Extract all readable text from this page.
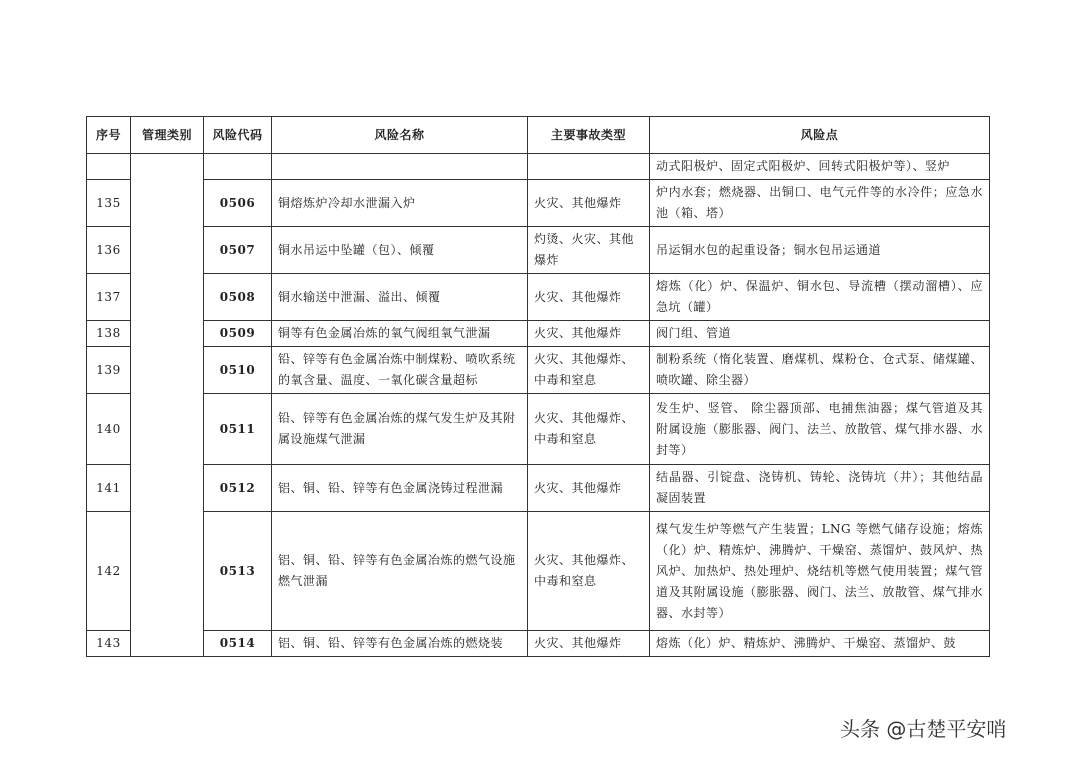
序号	管理类别	风险代码	风险名称	主要事故类型	风险点
					动式阳极炉、固定式阳极炉、回转式阳极炉等）、竖炉
135		0506	铜熔炼炉冷却水泄漏入炉	火灾、其他爆炸	炉内水套；燃烧器、出铜口、电气元件等的水冷件；应急水池（箱、塔）
136		0507	铜水吊运中坠罐（包）、倾覆	灼烫、火灾、其他爆炸	吊运铜水包的起重设备；铜水包吊运通道
137		0508	铜水输送中泄漏、溢出、倾覆	火灾、其他爆炸	熔炼（化）炉、保温炉、铜水包、导流槽（摆动溜槽）、应急坑（罐）
138		0509	铜等有色金属冶炼的氧气阀组氧气泄漏	火灾、其他爆炸	阀门组、管道
139		0510	铅、锌等有色金属冶炼中制煤粉、喷吹系统的氧含量、温度、一氧化碳含量超标	火灾、其他爆炸、中毒和窒息	制粉系统（惰化装置、磨煤机、煤粉仓、仓式泵、储煤罐、喷吹罐、除尘器）
140		0511	铅、锌等有色金属冶炼的煤气发生炉及其附属设施煤气泄漏	火灾、其他爆炸、中毒和窒息	发生炉、竖管、 除尘器顶部、电捕焦油器；煤气管道及其附属设施（膨胀器、阀门、法兰、放散管、煤气排水器、水封等）
141		0512	铝、铜、铅、锌等有色金属浇铸过程泄漏	火灾、其他爆炸	结晶器、引锭盘、浇铸机、铸轮、浇铸坑（井）；其他结晶凝固装置
142		0513	铝、铜、铅、锌等有色金属冶炼的燃气设施燃气泄漏	火灾、其他爆炸、中毒和窒息	煤气发生炉等燃气产生装置；LNG 等燃气储存设施；熔炼（化）炉、精炼炉、沸腾炉、干燥窑、蒸馏炉、鼓风炉、热风炉、加热炉、热处理炉、烧结机等燃气使用装置；煤气管道及其附属设施（膨胀器、阀门、法兰、放散管、煤气排水器、水封等）
143		0514	铝、铜、铅、锌等有色金属冶炼的燃烧装	火灾、其他爆炸	熔炼（化）炉、精炼炉、沸腾炉、干燥窑、蒸馏炉、鼓
头条 @古楚平安哨
